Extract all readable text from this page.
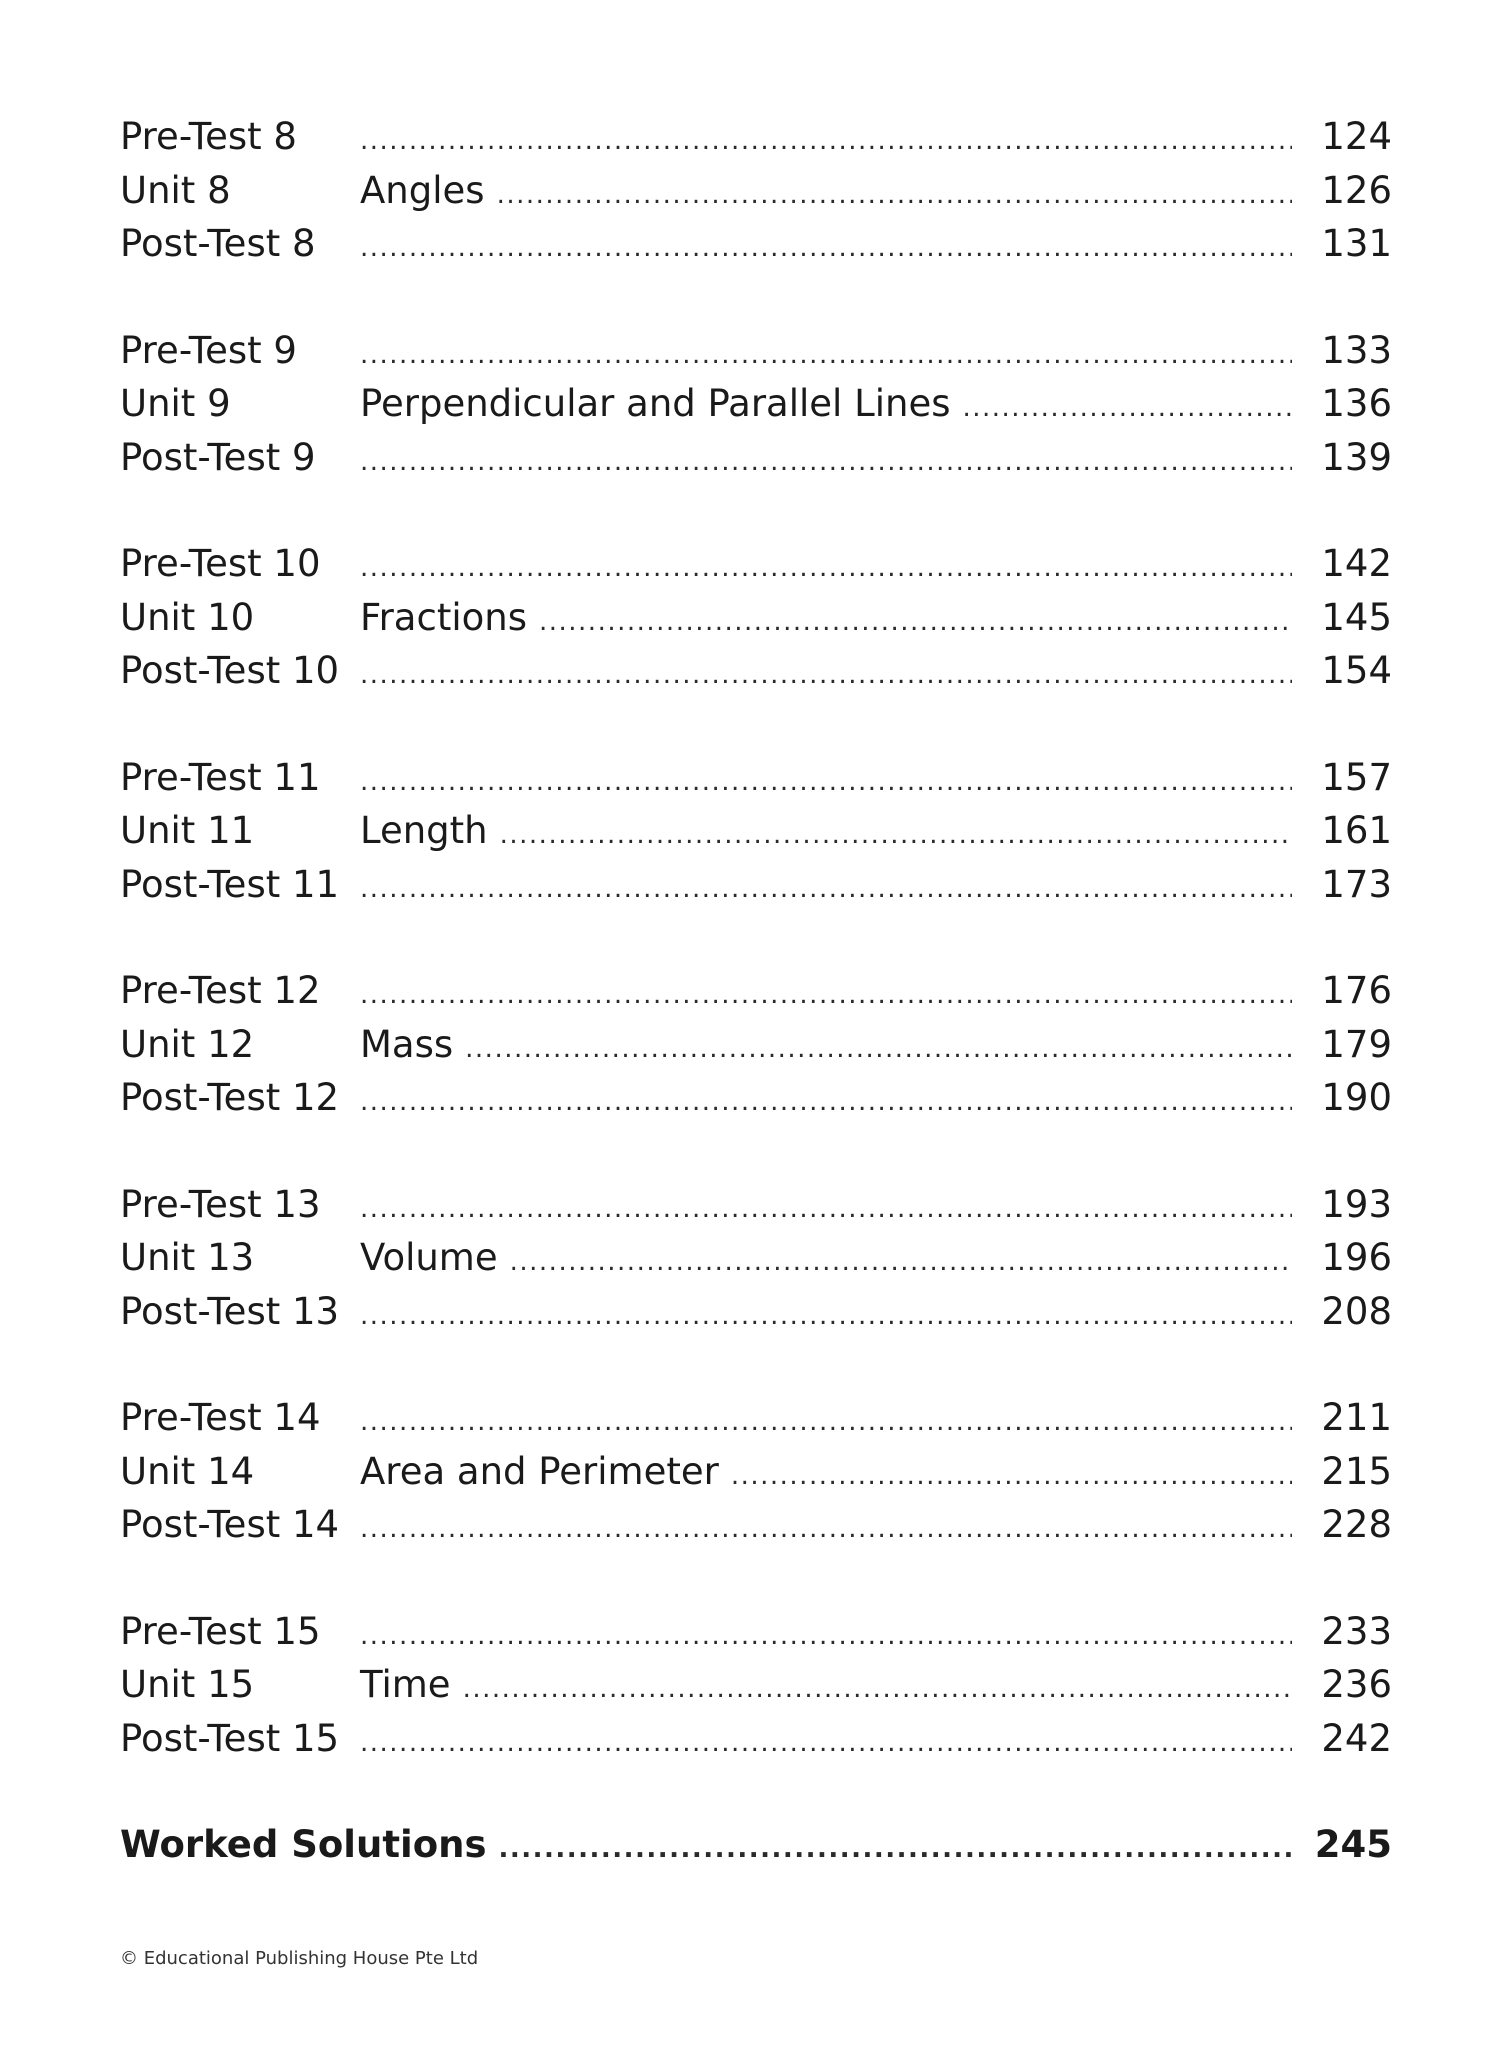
Pre-Test 8 .....	124
Unit 8	Angles .....	126
Post-Test 8 .....	131
Pre-Test 9 .....	133
Unit 9	Perpendicular and Parallel Lines .....	136
Post-Test 9 .....	139
Pre-Test 10 .....	142
Unit 10	Fractions .....	145
Post-Test 10 .....	154
Pre-Test 11 .....	157
Unit 11	Length .....	161
Post-Test 11 .....	173
Pre-Test 12 .....	176
Unit 12	Mass .....	179
Post-Test 12 .....	190
Pre-Test 13 .....	193
Unit 13	Volume .....	196
Post-Test 13 .....	208
Pre-Test 14 .....	211
Unit 14	Area and Perimeter .....	215
Post-Test 14 .....	228
Pre-Test 15 .....	233
Unit 15	Time .....	236
Post-Test 15 .....	242
Worked Solutions .....	245
© Educational Publishing House Pte Ltd
